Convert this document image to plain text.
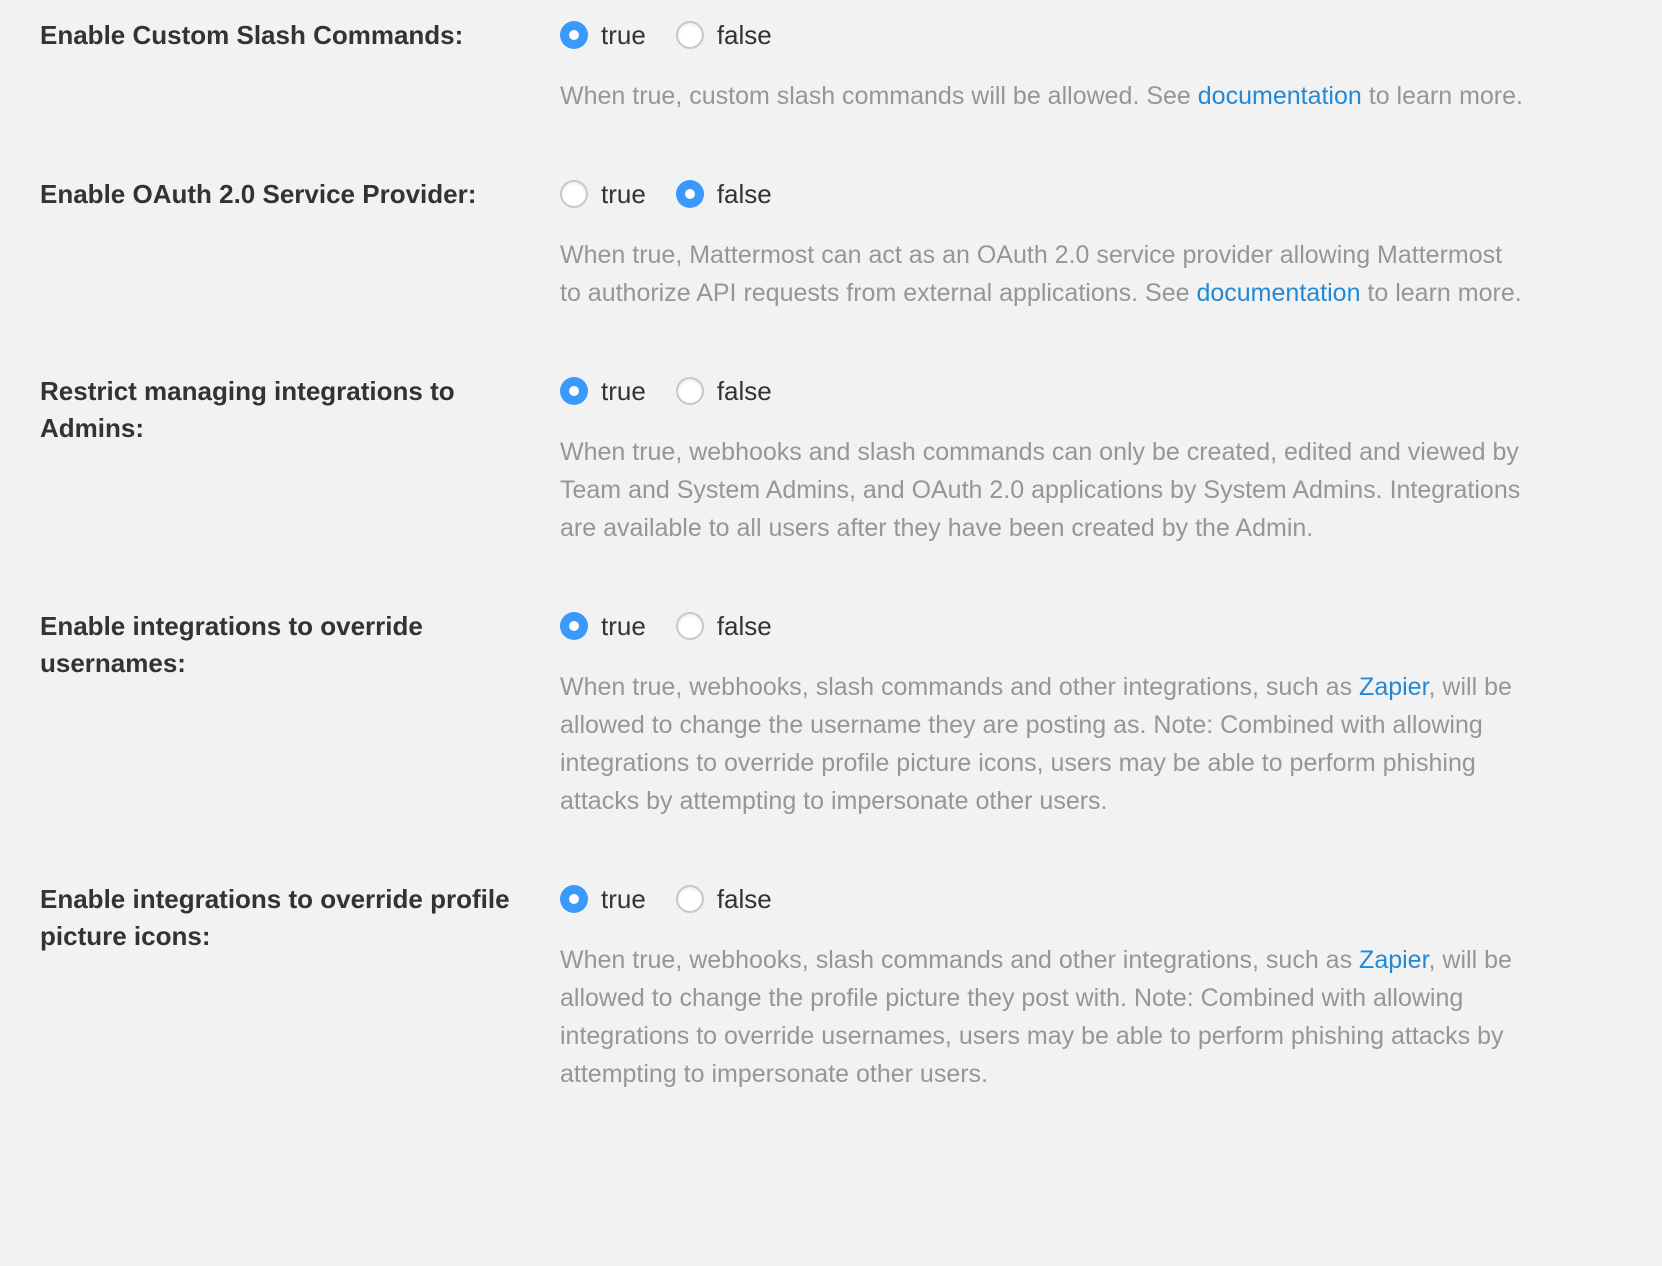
Enable Custom Slash Commands:	true	false

When true, custom slash commands will be allowed. See documentation to learn more.

Enable OAuth 2.0 Service Provider:	true	false

When true, Mattermost can act as an OAuth 2.0 service provider allowing Mattermost to authorize API requests from external applications. See documentation to learn more.

Restrict managing integrations to Admins:
true	false

When true, webhooks and slash commands can only be created, edited and viewed by Team and System Admins, and OAuth 2.0 applications by System Admins. Integrations are available to all users after they have been created by the Admin.

Enable integrations to override usernames:
true	false

When true, webhooks, slash commands and other integrations, such as Zapier, will be allowed to change the username they are posting as. Note: Combined with allowing integrations to override profile picture icons, users may be able to perform phishing attacks by attempting to impersonate other users.

Enable integrations to override profile picture icons:
true	false

When true, webhooks, slash commands and other integrations, such as Zapier, will be allowed to change the profile picture they post with. Note: Combined with allowing integrations to override usernames, users may be able to perform phishing attacks by attempting to impersonate other users.
